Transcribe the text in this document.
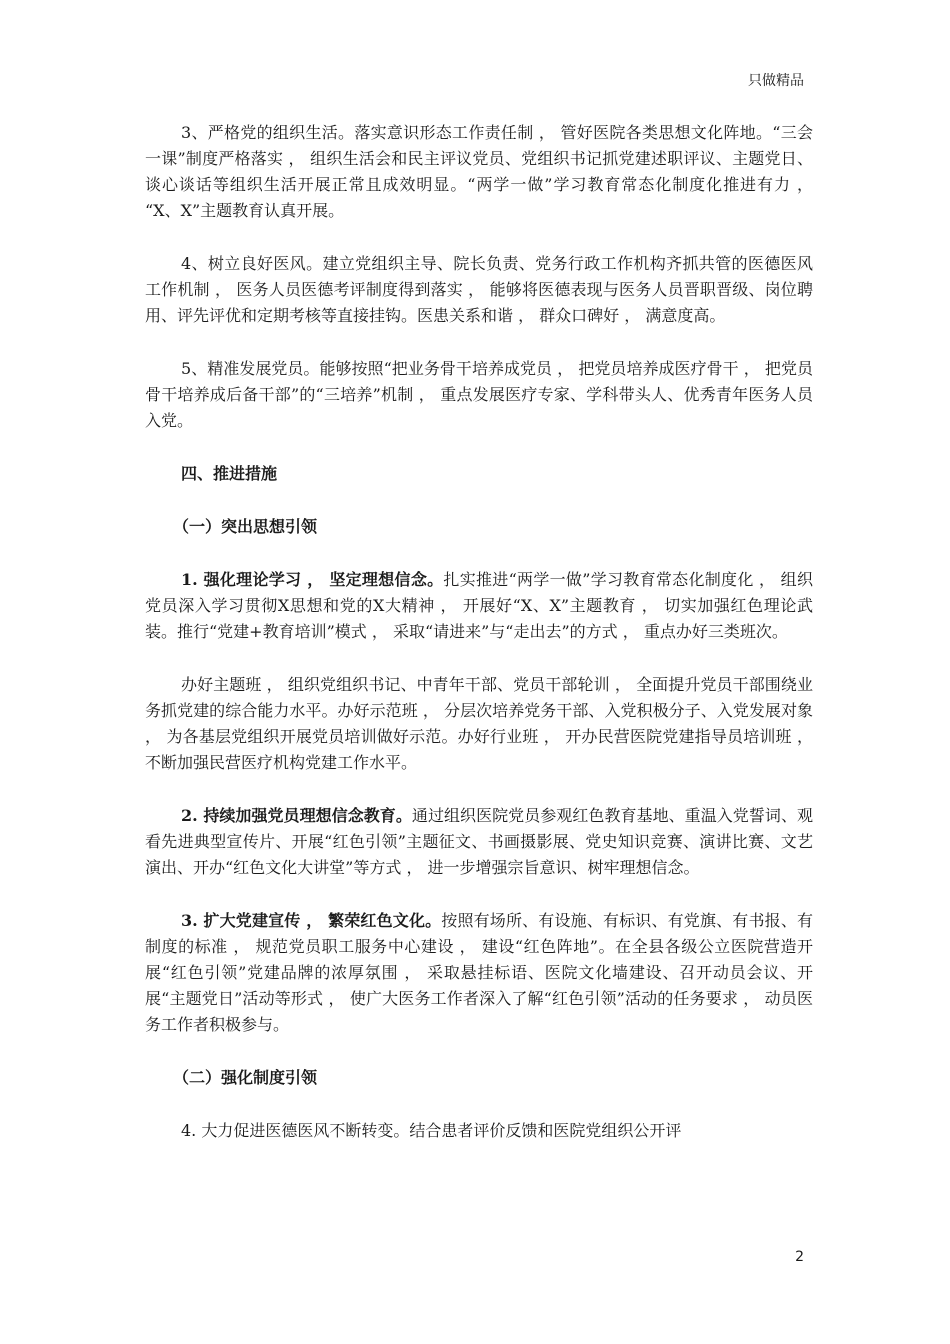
只做精品

3、严格党的组织生活。落实意识形态工作责任制 ， 管好医院各类思想文化阵地。“三会一课”制度严格落实 ， 组织生活会和民主评议党员、党组织书记抓党建述职评议、主题党日、谈心谈话等组织生活开展正常且成效明显。“两学一做”学习教育常态化制度化推进有力 ， “X、X”主题教育认真开展。

4、树立良好医风。建立党组织主导、院长负责、党务行政工作机构齐抓共管的医德医风工作机制 ， 医务人员医德考评制度得到落实 ， 能够将医德表现与医务人员晋职晋级、岗位聘用、评先评优和定期考核等直接挂钩。医患关系和谐 ， 群众口碑好 ， 满意度高。

5、精准发展党员。能够按照“把业务骨干培养成党员 ， 把党员培养成医疗骨干 ， 把党员骨干培养成后备干部”的“三培养”机制 ， 重点发展医疗专家、学科带头人、优秀青年医务人员入党。

四、推进措施

（一）突出思想引领

1. 强化理论学习 ， 坚定理想信念。扎实推进“两学一做”学习教育常态化制度化 ， 组织党员深入学习贯彻X思想和党的X大精神 ， 开展好“X、X”主题教育 ， 切实加强红色理论武装。推行“党建+教育培训”模式 ， 采取“请进来”与“走出去”的方式 ， 重点办好三类班次。

办好主题班 ， 组织党组织书记、中青年干部、党员干部轮训 ， 全面提升党员干部围绕业务抓党建的综合能力水平。办好示范班 ， 分层次培养党务干部、入党积极分子、入党发展对象 ， 为各基层党组织开展党员培训做好示范。办好行业班 ， 开办民营医院党建指导员培训班 ， 不断加强民营医疗机构党建工作水平。

2. 持续加强党员理想信念教育。通过组织医院党员参观红色教育基地、重温入党誓词、观看先进典型宣传片、开展“红色引领”主题征文、书画摄影展、党史知识竞赛、演讲比赛、文艺演出、开办“红色文化大讲堂”等方式 ， 进一步增强宗旨意识、树牢理想信念。

3. 扩大党建宣传 ， 繁荣红色文化。按照有场所、有设施、有标识、有党旗、有书报、有制度的标准 ， 规范党员职工服务中心建设 ， 建设“红色阵地”。在全县各级公立医院营造开展“红色引领”党建品牌的浓厚氛围 ， 采取悬挂标语、医院文化墙建设、召开动员会议、开展“主题党日”活动等形式 ， 使广大医务工作者深入了解“红色引领”活动的任务要求 ， 动员医务工作者积极参与。

（二）强化制度引领

4. 大力促进医德医风不断转变。结合患者评价反馈和医院党组织公开评

2
